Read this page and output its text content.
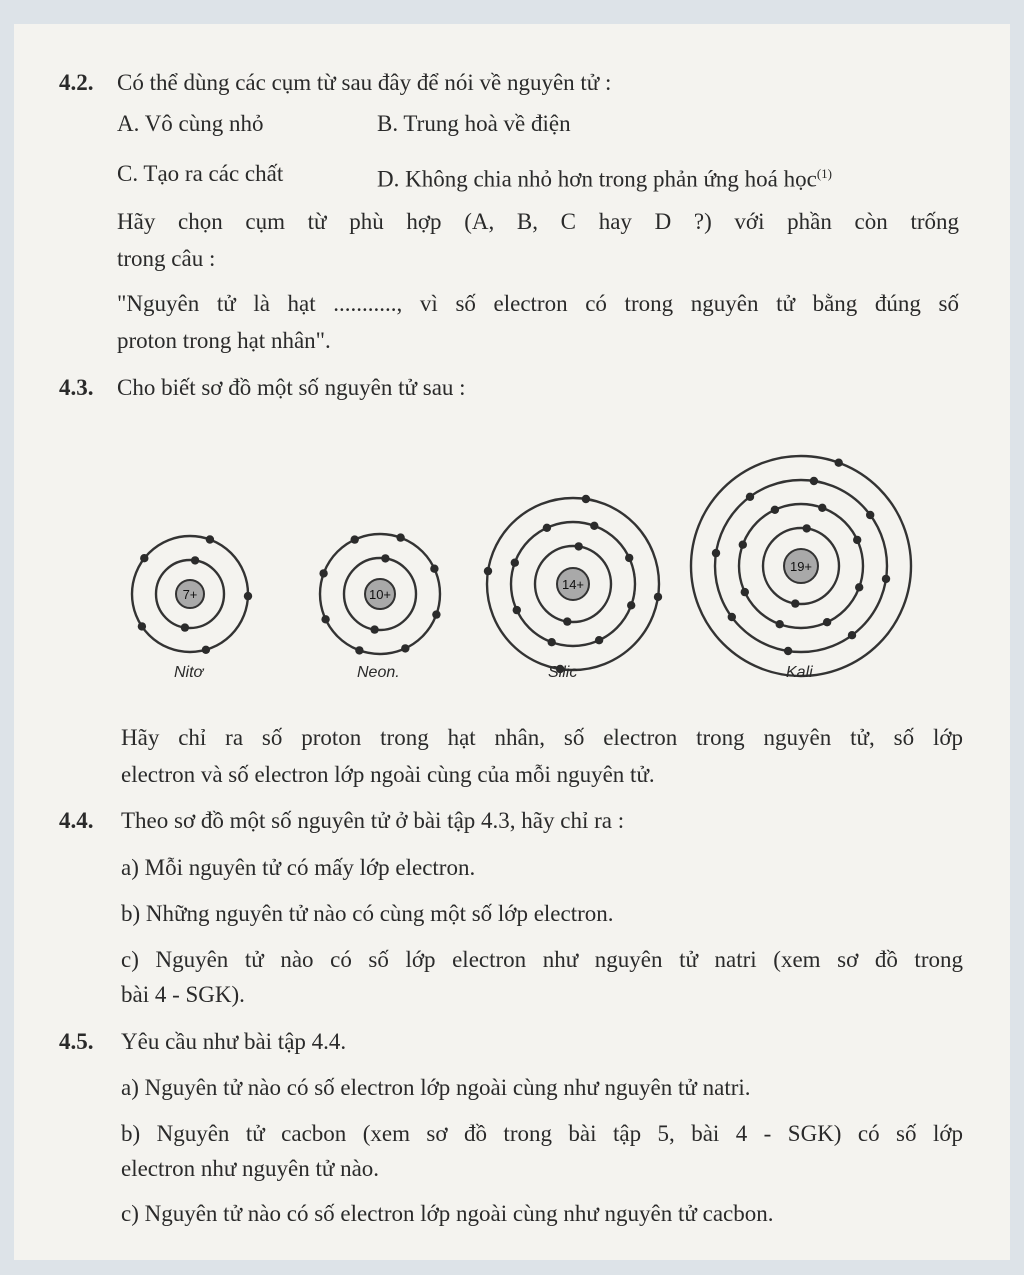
4.2. Có thể dùng các cụm từ sau đây để nói về nguyên tử :
A. Vô cùng nhỏ	B. Trung hoà về điện
C. Tạo ra các chất	D. Không chia nhỏ hơn trong phản ứng hoá học$^{(1)}$
Hãy chọn cụm từ phù hợp (A, B, C hay D ?) với phần còn trống
trong câu :
"Nguyên tử là hạt ..........., vì số electron có trong nguyên tử bằng đúng số
proton trong hạt nhân".
4.3. Cho biết sơ đồ một số nguyên tử sau :
7+	10+
14+
19+
Nitơ	Neon.	Silic	Kali
Hãy chỉ ra số proton trong hạt nhân, số electron trong nguyên tử, số lớp
electron và số electron lớp ngoài cùng của mỗi nguyên tử.
4.4. Theo sơ đồ một số nguyên tử ở bài tập 4.3, hãy chỉ ra :
a) Mỗi nguyên tử có mấy lớp electron.
b) Những nguyên tử nào có cùng một số lớp electron.
c) Nguyên tử nào có số lớp electron như nguyên tử natri (xem sơ đồ trong
bài 4 - SGK).
4.5. Yêu cầu như bài tập 4.4.
a) Nguyên tử nào có số electron lớp ngoài cùng như nguyên tử natri.
b) Nguyên tử cacbon (xem sơ đồ trong bài tập 5, bài 4 - SGK) có số lớp
electron như nguyên tử nào.
c) Nguyên tử nào có số electron lớp ngoài cùng như nguyên tử cacbon.
